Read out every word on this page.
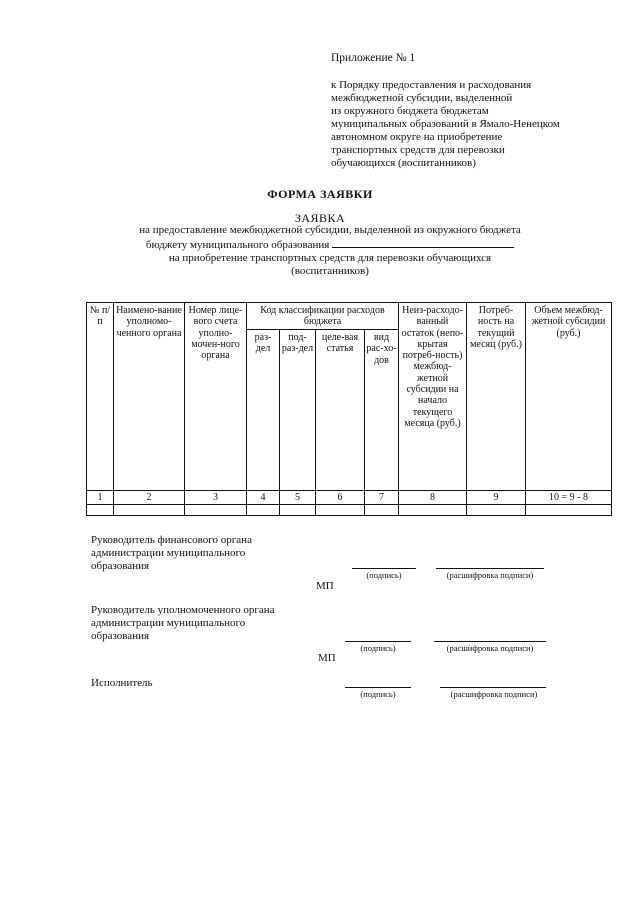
Приложение № 1
к Порядку предоставления и расходования
межбюджетной субсидии, выделенной
из окружного бюджета бюджетам
муниципальных образований в Ямало-Ненецком
автономном округе на приобретение
транспортных средств для перевозки
обучающихся (воспитанников)
ФОРМА ЗАЯВКИ
ЗАЯВКА
на предоставление межбюджетной субсидии, выделенной из окружного бюджета
бюджету муниципального образования
на приобретение транспортных средств для перевозки обучающихся
(воспитанников)
№ п/п	Наимено-вание уполномо-ченного органа	Номер лице-вого счета уполно-мочен-ного органа	Код классификации расходов бюджета				Неиз-расходо-ванный остаток (непо-крытая потреб-ность) межбюд-жетной субсидии на начало текущего месяца (руб.)	Потреб-ность на текущий месяц (руб.)	Объем межбюд-жетной субсидии (руб.)
			раз-дел	под-раз-дел	целе-вая статья	вид рас-хо-дов			
1	2	3	4	5	6	7	8	9	10 = 9 - 8

Руководитель финансового органа
администрации муниципального
образования
(подпись)	(расшифровка подписи)
МП
Руководитель уполномоченного органа
администрации муниципального
образования
(подпись)	(расшифровка подписи)
МП
Исполнитель
(подпись)	(расшифровка подписи)
